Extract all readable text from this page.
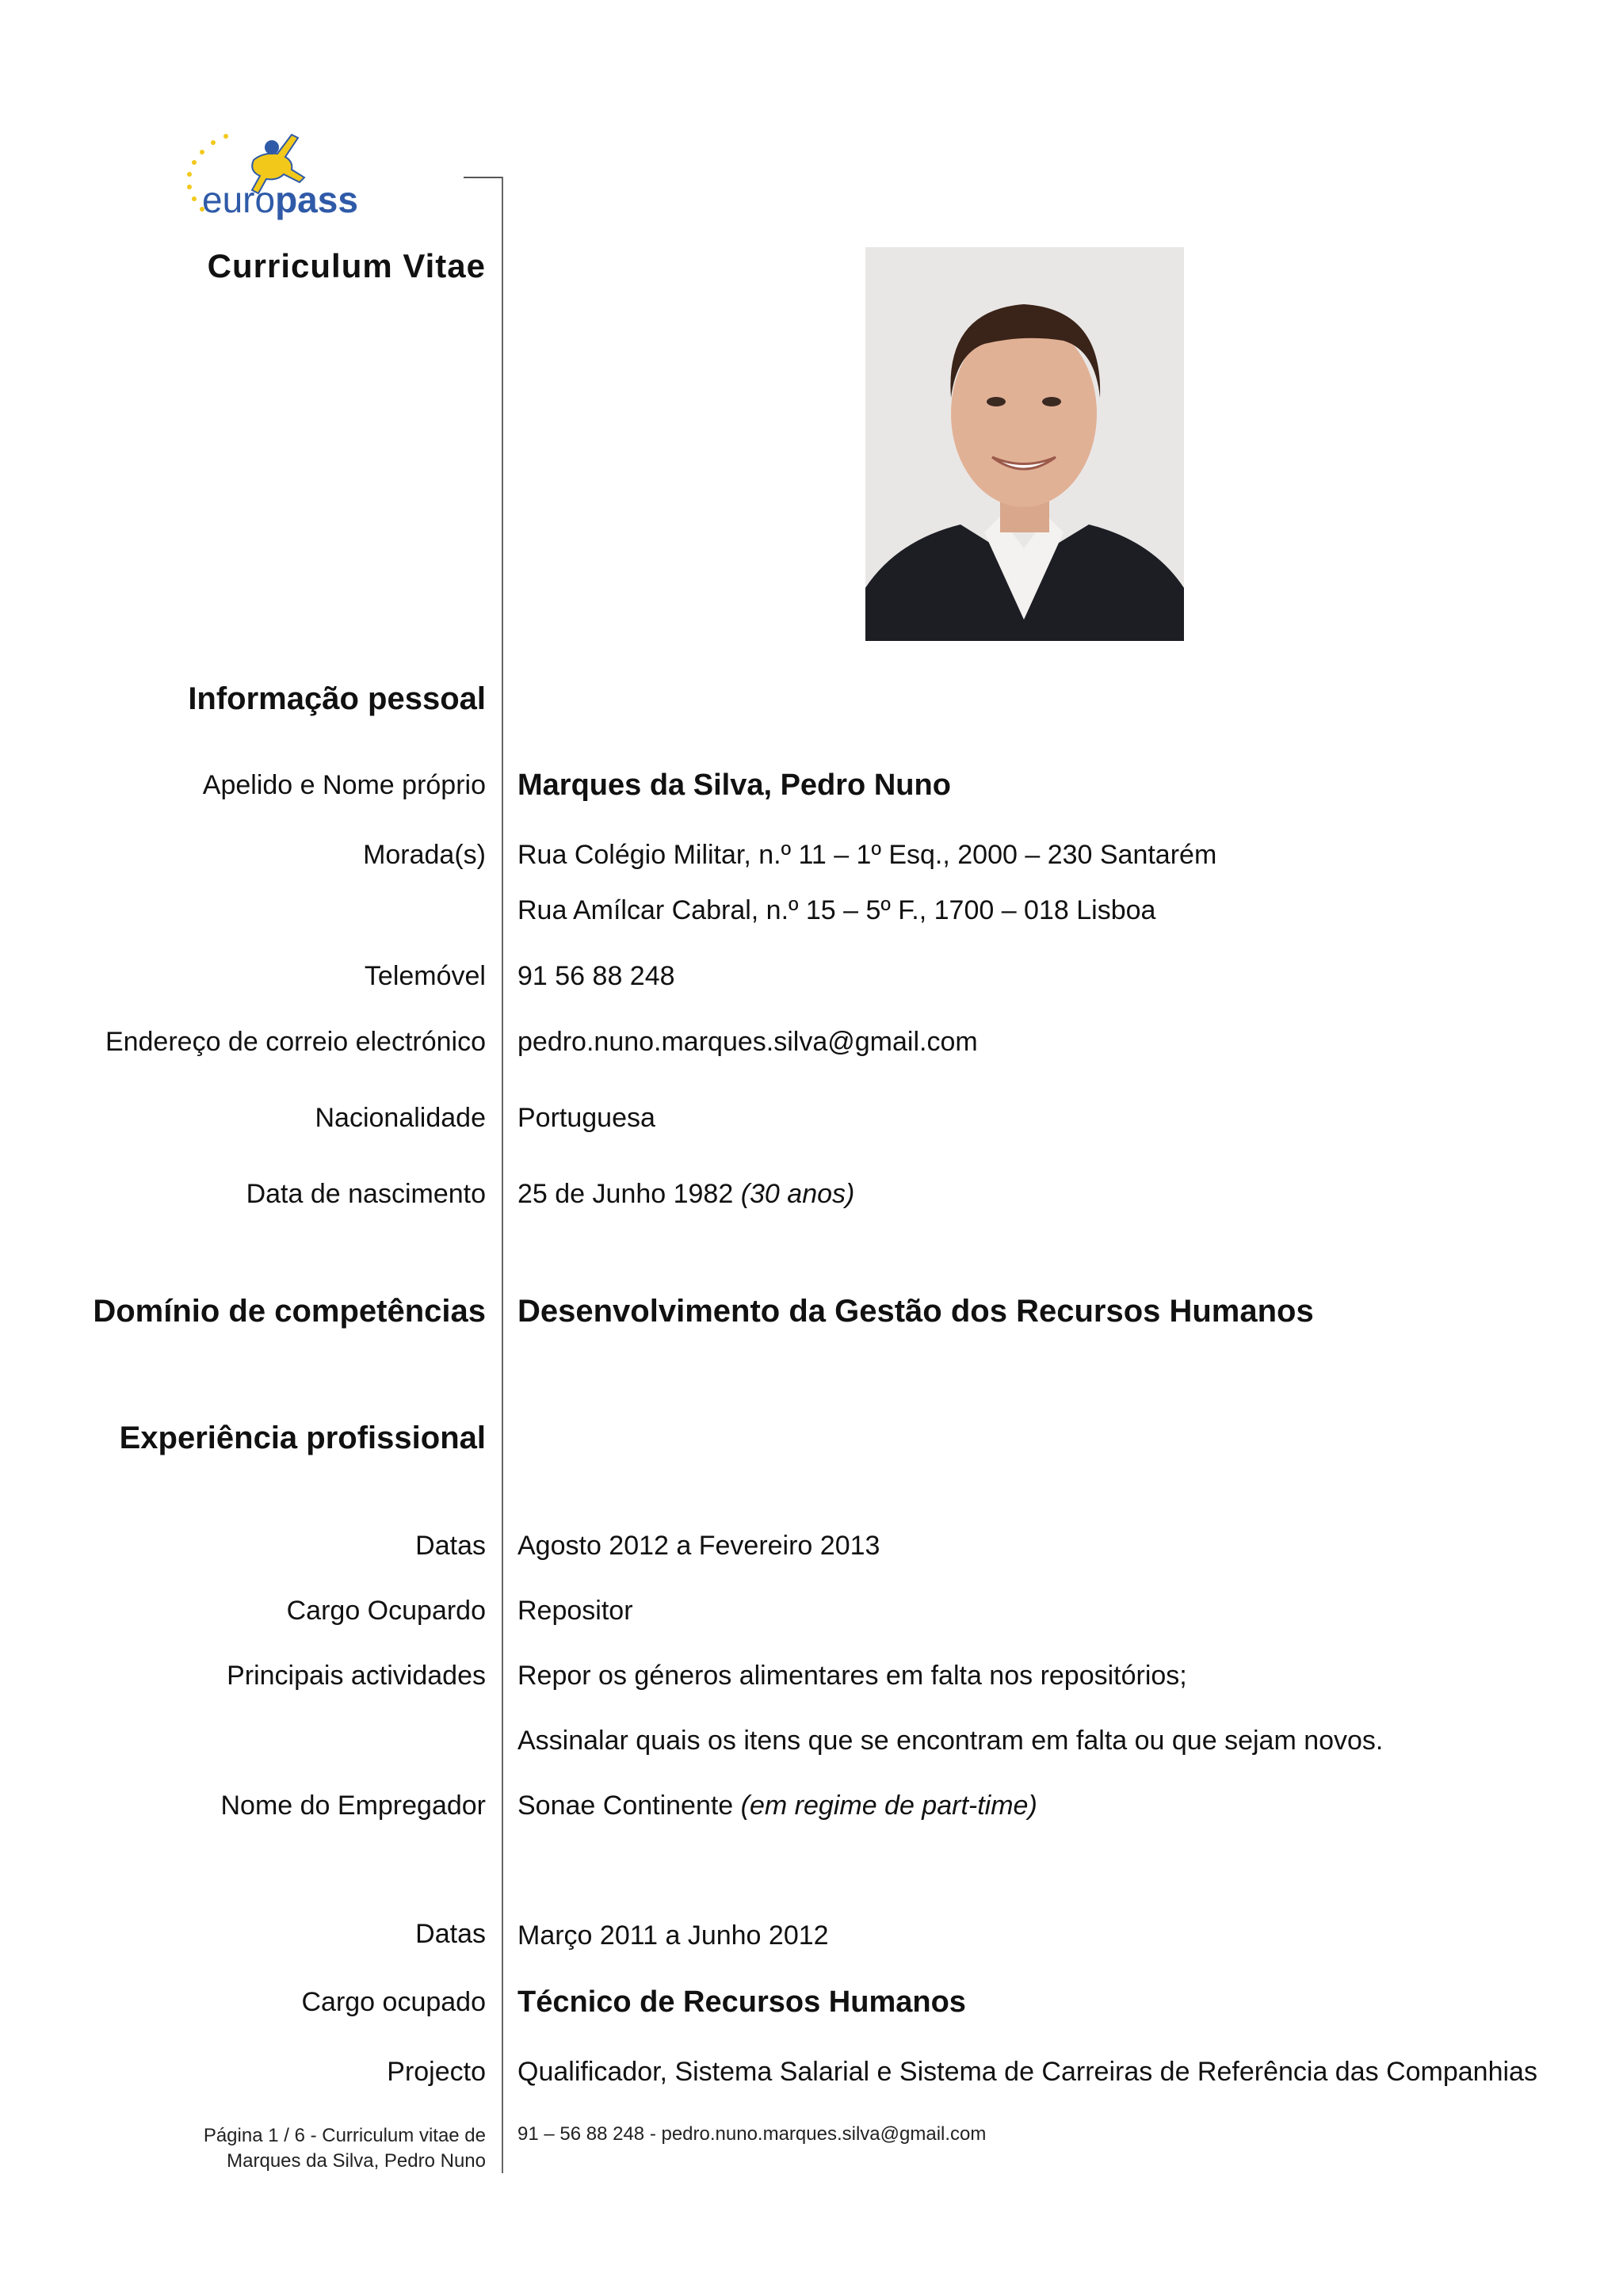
europass
Curriculum Vitae
Informação pessoal
Apelido e Nome próprio Marques da Silva, Pedro Nuno
Morada(s) Rua Colégio Militar, n.º 11 – 1º Esq., 2000 – 230 Santarém
Rua Amílcar Cabral, n.º 15 – 5º F., 1700 – 018 Lisboa
Telemóvel 91 56 88 248
Endereço de correio electrónico pedro.nuno.marques.silva@gmail.com
Nacionalidade Portuguesa
Data de nascimento 25 de Junho 1982 (30 anos)
Domínio de competências Desenvolvimento da Gestão dos Recursos Humanos
Experiência profissional
Datas Agosto 2012 a Fevereiro 2013
Cargo Ocupardo Repositor
Principais actividades Repor os géneros alimentares em falta nos repositórios;
Assinalar quais os itens que se encontram em falta ou que sejam novos.
Nome do Empregador Sonae Continente (em regime de part-time)
Datas Março 2011 a Junho 2012
Cargo ocupado Técnico de Recursos Humanos
Projecto Qualificador, Sistema Salarial e Sistema de Carreiras de Referência das Companhias
Página 1 / 6 - Curriculum vitae de
Marques da Silva, Pedro Nuno
91 – 56 88 248 - pedro.nuno.marques.silva@gmail.com
